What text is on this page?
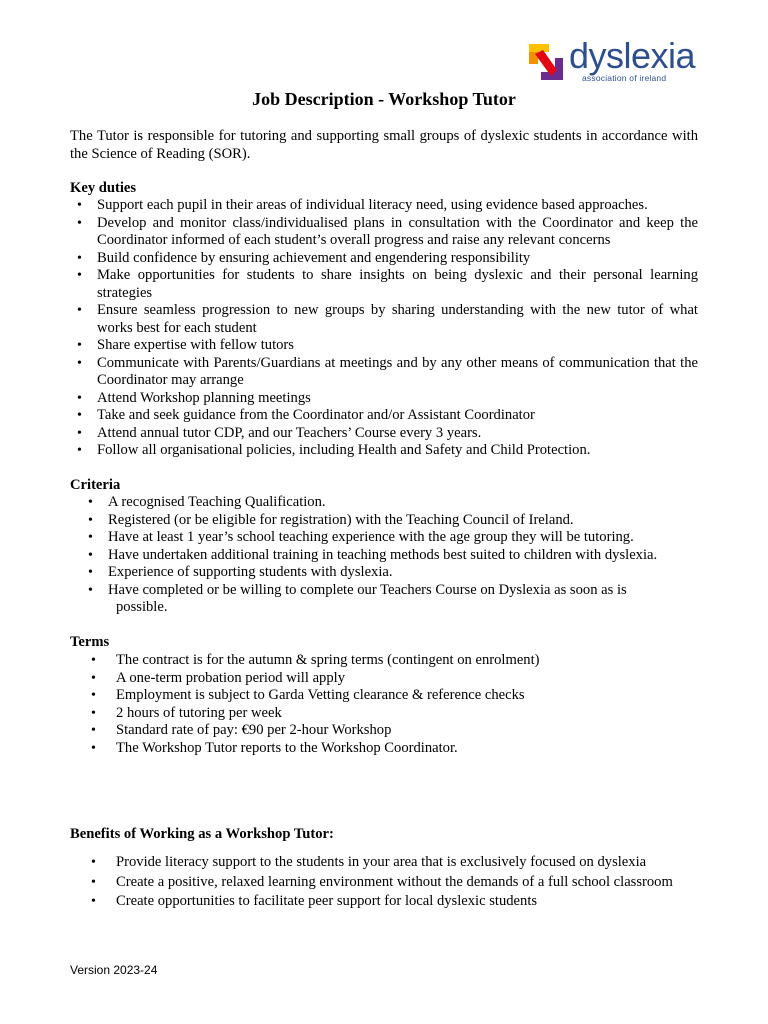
dyslexia
association of ireland
Job Description - Workshop Tutor

The Tutor is responsible for tutoring and supporting small groups of dyslexic students in accordance with the Science of Reading (SOR).

Key duties
• Support each pupil in their areas of individual literacy need, using evidence based approaches.
• Develop and monitor class/individualised plans in consultation with the Coordinator and keep the Coordinator informed of each student’s overall progress and raise any relevant concerns
• Build confidence by ensuring achievement and engendering responsibility
• Make opportunities for students to share insights on being dyslexic and their personal learning strategies
• Ensure seamless progression to new groups by sharing understanding with the new tutor of what works best for each student
• Share expertise with fellow tutors
• Communicate with Parents/Guardians at meetings and by any other means of communication that the Coordinator may arrange
• Attend Workshop planning meetings
• Take and seek guidance from the Coordinator and/or Assistant Coordinator
• Attend annual tutor CDP, and our Teachers’ Course every 3 years.
• Follow all organisational policies, including Health and Safety and Child Protection.
Criteria
• A recognised Teaching Qualification.
• Registered (or be eligible for registration) with the Teaching Council of Ireland.
• Have at least 1 year’s school teaching experience with the age group they will be tutoring.
• Have undertaken additional training in teaching methods best suited to children with dyslexia.
• Experience of supporting students with dyslexia.
• Have completed or be willing to complete our Teachers Course on Dyslexia as soon as is
possible.
Terms
• The contract is for the autumn & spring terms (contingent on enrolment)
• A one-term probation period will apply
• Employment is subject to Garda Vetting clearance & reference checks
• 2 hours of tutoring per week
• Standard rate of pay: €90 per 2-hour Workshop
• The Workshop Tutor reports to the Workshop Coordinator.
Benefits of Working as a Workshop Tutor:
• Provide literacy support to the students in your area that is exclusively focused on dyslexia
• Create a positive, relaxed learning environment without the demands of a full school classroom
• Create opportunities to facilitate peer support for local dyslexic students
Version 2023-24
